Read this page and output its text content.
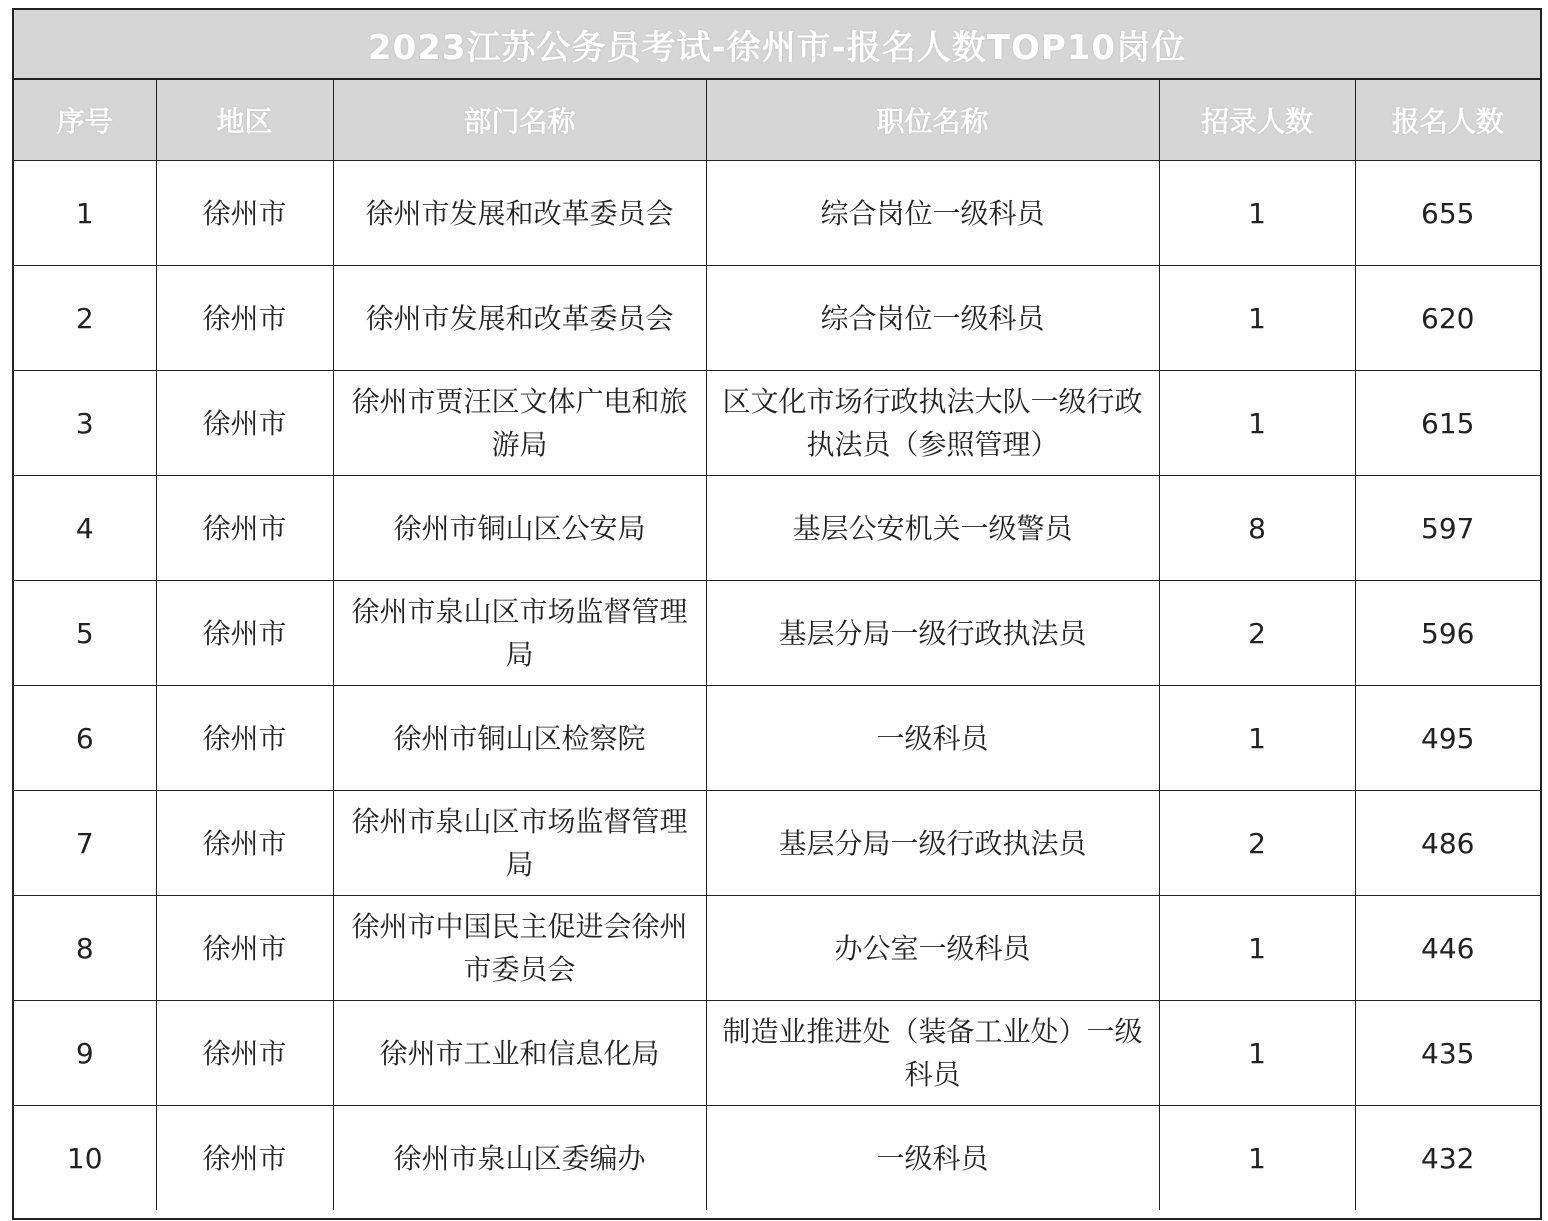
2023江苏公务员考试-徐州市-报名人数TOP10岗位
序号	地区	部门名称	职位名称	招录人数	报名人数
1	徐州市	徐州市发展和改革委员会	综合岗位一级科员	1	655
2	徐州市	徐州市发展和改革委员会	综合岗位一级科员	1	620
3	徐州市	徐州市贾汪区文体广电和旅游局	区文化市场行政执法大队一级行政执法员（参照管理）	1	615
4	徐州市	徐州市铜山区公安局	基层公安机关一级警员	8	597
5	徐州市	徐州市泉山区市场监督管理局	基层分局一级行政执法员	2	596
6	徐州市	徐州市铜山区检察院	一级科员	1	495
7	徐州市	徐州市泉山区市场监督管理局	基层分局一级行政执法员	2	486
8	徐州市	徐州市中国民主促进会徐州市委员会	办公室一级科员	1	446
9	徐州市	徐州市工业和信息化局	制造业推进处（装备工业处）一级科员	1	435
10	徐州市	徐州市泉山区委编办	一级科员	1	432
